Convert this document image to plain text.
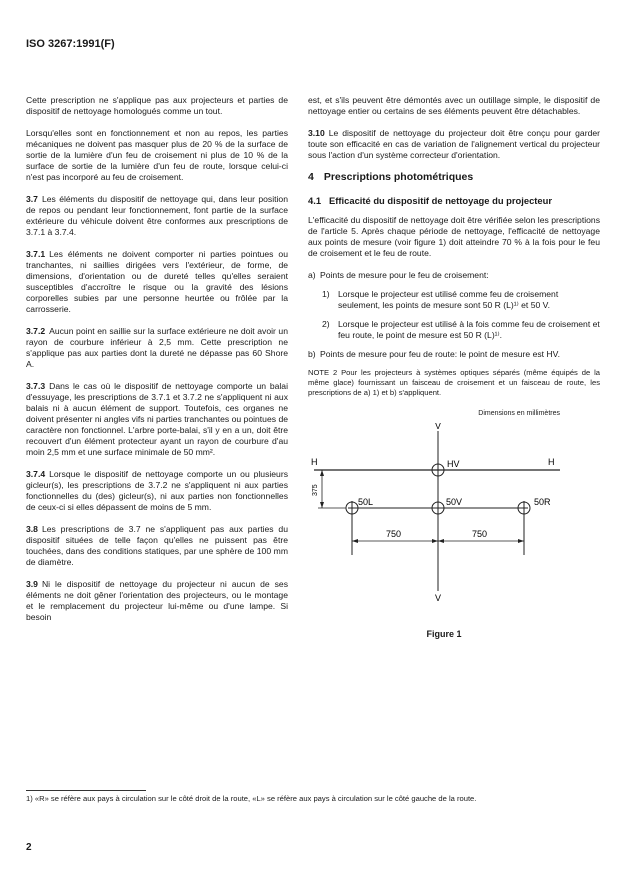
ISO 3267:1991(F)

Cette prescription ne s'applique pas aux projecteurs et parties de dispositif de nettoyage homologués comme un tout.

Lorsqu'elles sont en fonctionnement et non au repos, les parties mécaniques ne doivent pas masquer plus de 20 % de la surface de sortie de la lumière d'un feu de croisement ni plus de 10 % de la surface de sortie de la lumière d'un feu de route, lorsque celui-ci n'est pas incorporé au feu de croisement.

3.7 Les éléments du dispositif de nettoyage qui, dans leur position de repos ou pendant leur fonctionnement, font partie de la surface extérieure du véhicule doivent être conformes aux prescriptions de 3.7.1 à 3.7.4.

3.7.1 Les éléments ne doivent comporter ni parties pointues ou tranchantes, ni saillies dirigées vers l'extérieur, de forme, de dimensions, d'orientation ou de dureté telles qu'elles seraient susceptibles d'accroître le risque ou la gravité des lésions corporelles subies par une personne heurtée ou frôlée par la carrosserie.

3.7.2 Aucun point en saillie sur la surface extérieure ne doit avoir un rayon de courbure inférieur à 2,5 mm. Cette prescription ne s'applique pas aux parties dont la dureté ne dépasse pas 60 Shore A.

3.7.3 Dans le cas où le dispositif de nettoyage comporte un balai d'essuyage, les prescriptions de 3.7.1 et 3.7.2 ne s'appliquent ni aux balais ni à aucun élément de support. Toutefois, ces organes ne doivent présenter ni angles vifs ni parties tranchantes ou pointues de caractère non fonctionnel. L'arbre porte-balai, s'il y en a un, doit être recouvert d'un élément protecteur ayant un rayon de courbure d'au moin 2,5 mm et une surface minimale de 50 mm².

3.7.4 Lorsque le dispositif de nettoyage comporte un ou plusieurs gicleur(s), les prescriptions de 3.7.2 ne s'appliquent ni aux parties fonctionnelles du (des) gicleur(s), ni aux parties non fonctionnelles de ceux-ci si elles dépassent de moins de 5 mm.

3.8 Les prescriptions de 3.7 ne s'appliquent pas aux parties du dispositif situées de telle façon qu'elles ne puissent pas être touchées, dans des conditions statiques, par une sphère de 100 mm de diamètre.

3.9 Ni le dispositif de nettoyage du projecteur ni aucun de ses éléments ne doit gêner l'orientation des projecteurs, ou le montage et le remplacement du projecteur lui-même ou d'une lampe. Si besoin

est, et s'ils peuvent être démontés avec un outillage simple, le dispositif de nettoyage entier ou certains de ses éléments peuvent être détachables.

3.10 Le dispositif de nettoyage du projecteur doit être conçu pour garder toute son efficacité en cas de variation de l'alignement vertical du projecteur sous l'action d'un système correcteur d'orientation.

4 Prescriptions photométriques
4.1 Efficacité du dispositif de nettoyage du projecteur

L'efficacité du dispositif de nettoyage doit être vérifiée selon les prescriptions de l'article 5. Après chaque période de nettoyage, l'efficacité de nettoyage aux points de mesure (voir figure 1) doit atteindre 70 % à la fois pour le feu de croisement et le feu de route.

a) Points de mesure pour le feu de croisement:
1) Lorsque le projecteur est utilisé comme feu de croisement seulement, les points de mesure sont 50 R (L)¹⁾ et 50 V.
2) Lorsque le projecteur est utilisé à la fois comme feu de croisement et feu route, le point de mesure est 50 R (L)¹⁾.
b) Points de mesure pour feu de route: le point de mesure est HV.

NOTE 2 Pour les projecteurs à systèmes optiques séparés (même équipés de la même glace) fournissant un faisceau de croisement et un faisceau de route, les prescriptions de a) 1) et b) s'appliquent.

Dimensions en millimètres
V
V
H	H
HV
50L	50V	50R
375
750	750
Figure 1
1) «R» se réfère aux pays à circulation sur le côté droit de la route, «L» se réfère aux pays à circulation sur le côté gauche de la route.
2
